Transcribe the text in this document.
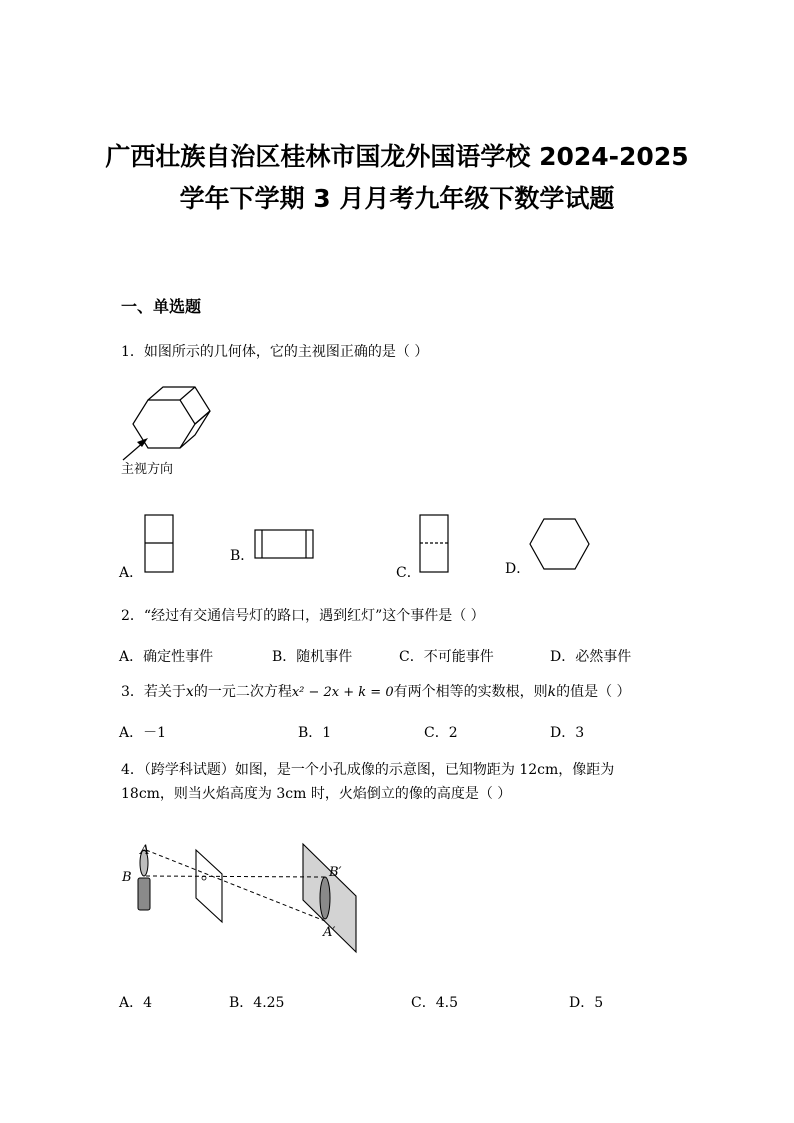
广西壮族自治区桂林市国龙外国语学校 2024-2025
学年下学期 3 月月考九年级下数学试题
一、单选题
1．如图所示的几何体，它的主视图正确的是（ ）
主视方向
A．
B．
C．	D．
2．“经过有交通信号灯的路口，遇到红灯”这个事件是（ ）
A．确定性事件	B．随机事件	C．不可能事件	D．必然事件
3．若关于x的一元二次方程x² − 2x + k = 0有两个相等的实数根，则k的值是（ ）
A．－1	B．1	C．2	D．3
4．（跨学科试题）如图，是一个小孔成像的示意图，已知物距为 12cm，像距为
18cm，则当火焰高度为 3cm 时，火焰倒立的像的高度是（ ）
A
B	B′
A′
A．4	B．4.25	C．4.5	D．5
